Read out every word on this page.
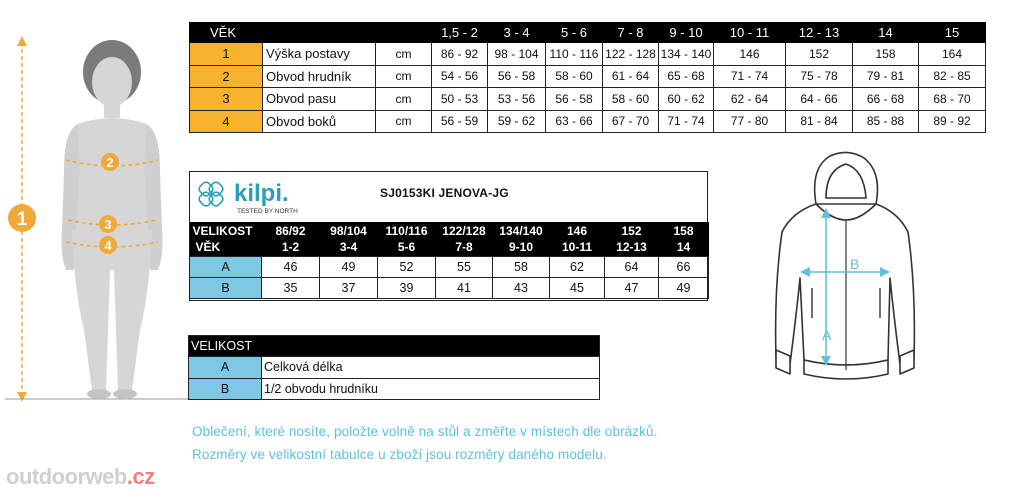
1
2
3
4
VĚK			1,5 - 2	3 - 4	5 - 6	7 - 8	9 - 10	10 - 11	12 - 13	14	15
1	Výška postavy	cm	86 - 92	98 - 104	110 - 116	122 - 128	134 - 140	146	152	158	164
2	Obvod hrudník	cm	54 - 56	56 - 58	58 - 60	61 - 64	65 - 68	71 - 74	75 - 78	79 - 81	82 - 85
3	Obvod pasu	cm	50 - 53	53 - 56	56 - 58	58 - 60	60 - 62	62 - 64	64 - 66	66 - 68	68 - 70
4	Obvod boků	cm	56 - 59	59 - 62	63 - 66	67 - 70	71 - 74	77 - 80	81 - 84	85 - 88	89 - 92
kilpi.
TESTED BY NORTH
SJ0153KI JENOVA-JG
VELIKOST	86/92	98/104	110/116	122/128	134/140	146	152	158
VĚK	1-2	3-4	5-6	7-8	9-10	10-11	12-13	14
A	46	49	52	55	58	62	64	66
B	35	37	39	41	43	45	47	49
VELIKOST	
A	Celková délka
B	1/2 obvodu hrudníku
A
B
Oblečení, které nosíte, položte volně na stůl a změřte v místech dle obrázků.
Rozměry ve velikostní tabulce u zboží jsou rozměry daného modelu.
outdoorweb.cz
